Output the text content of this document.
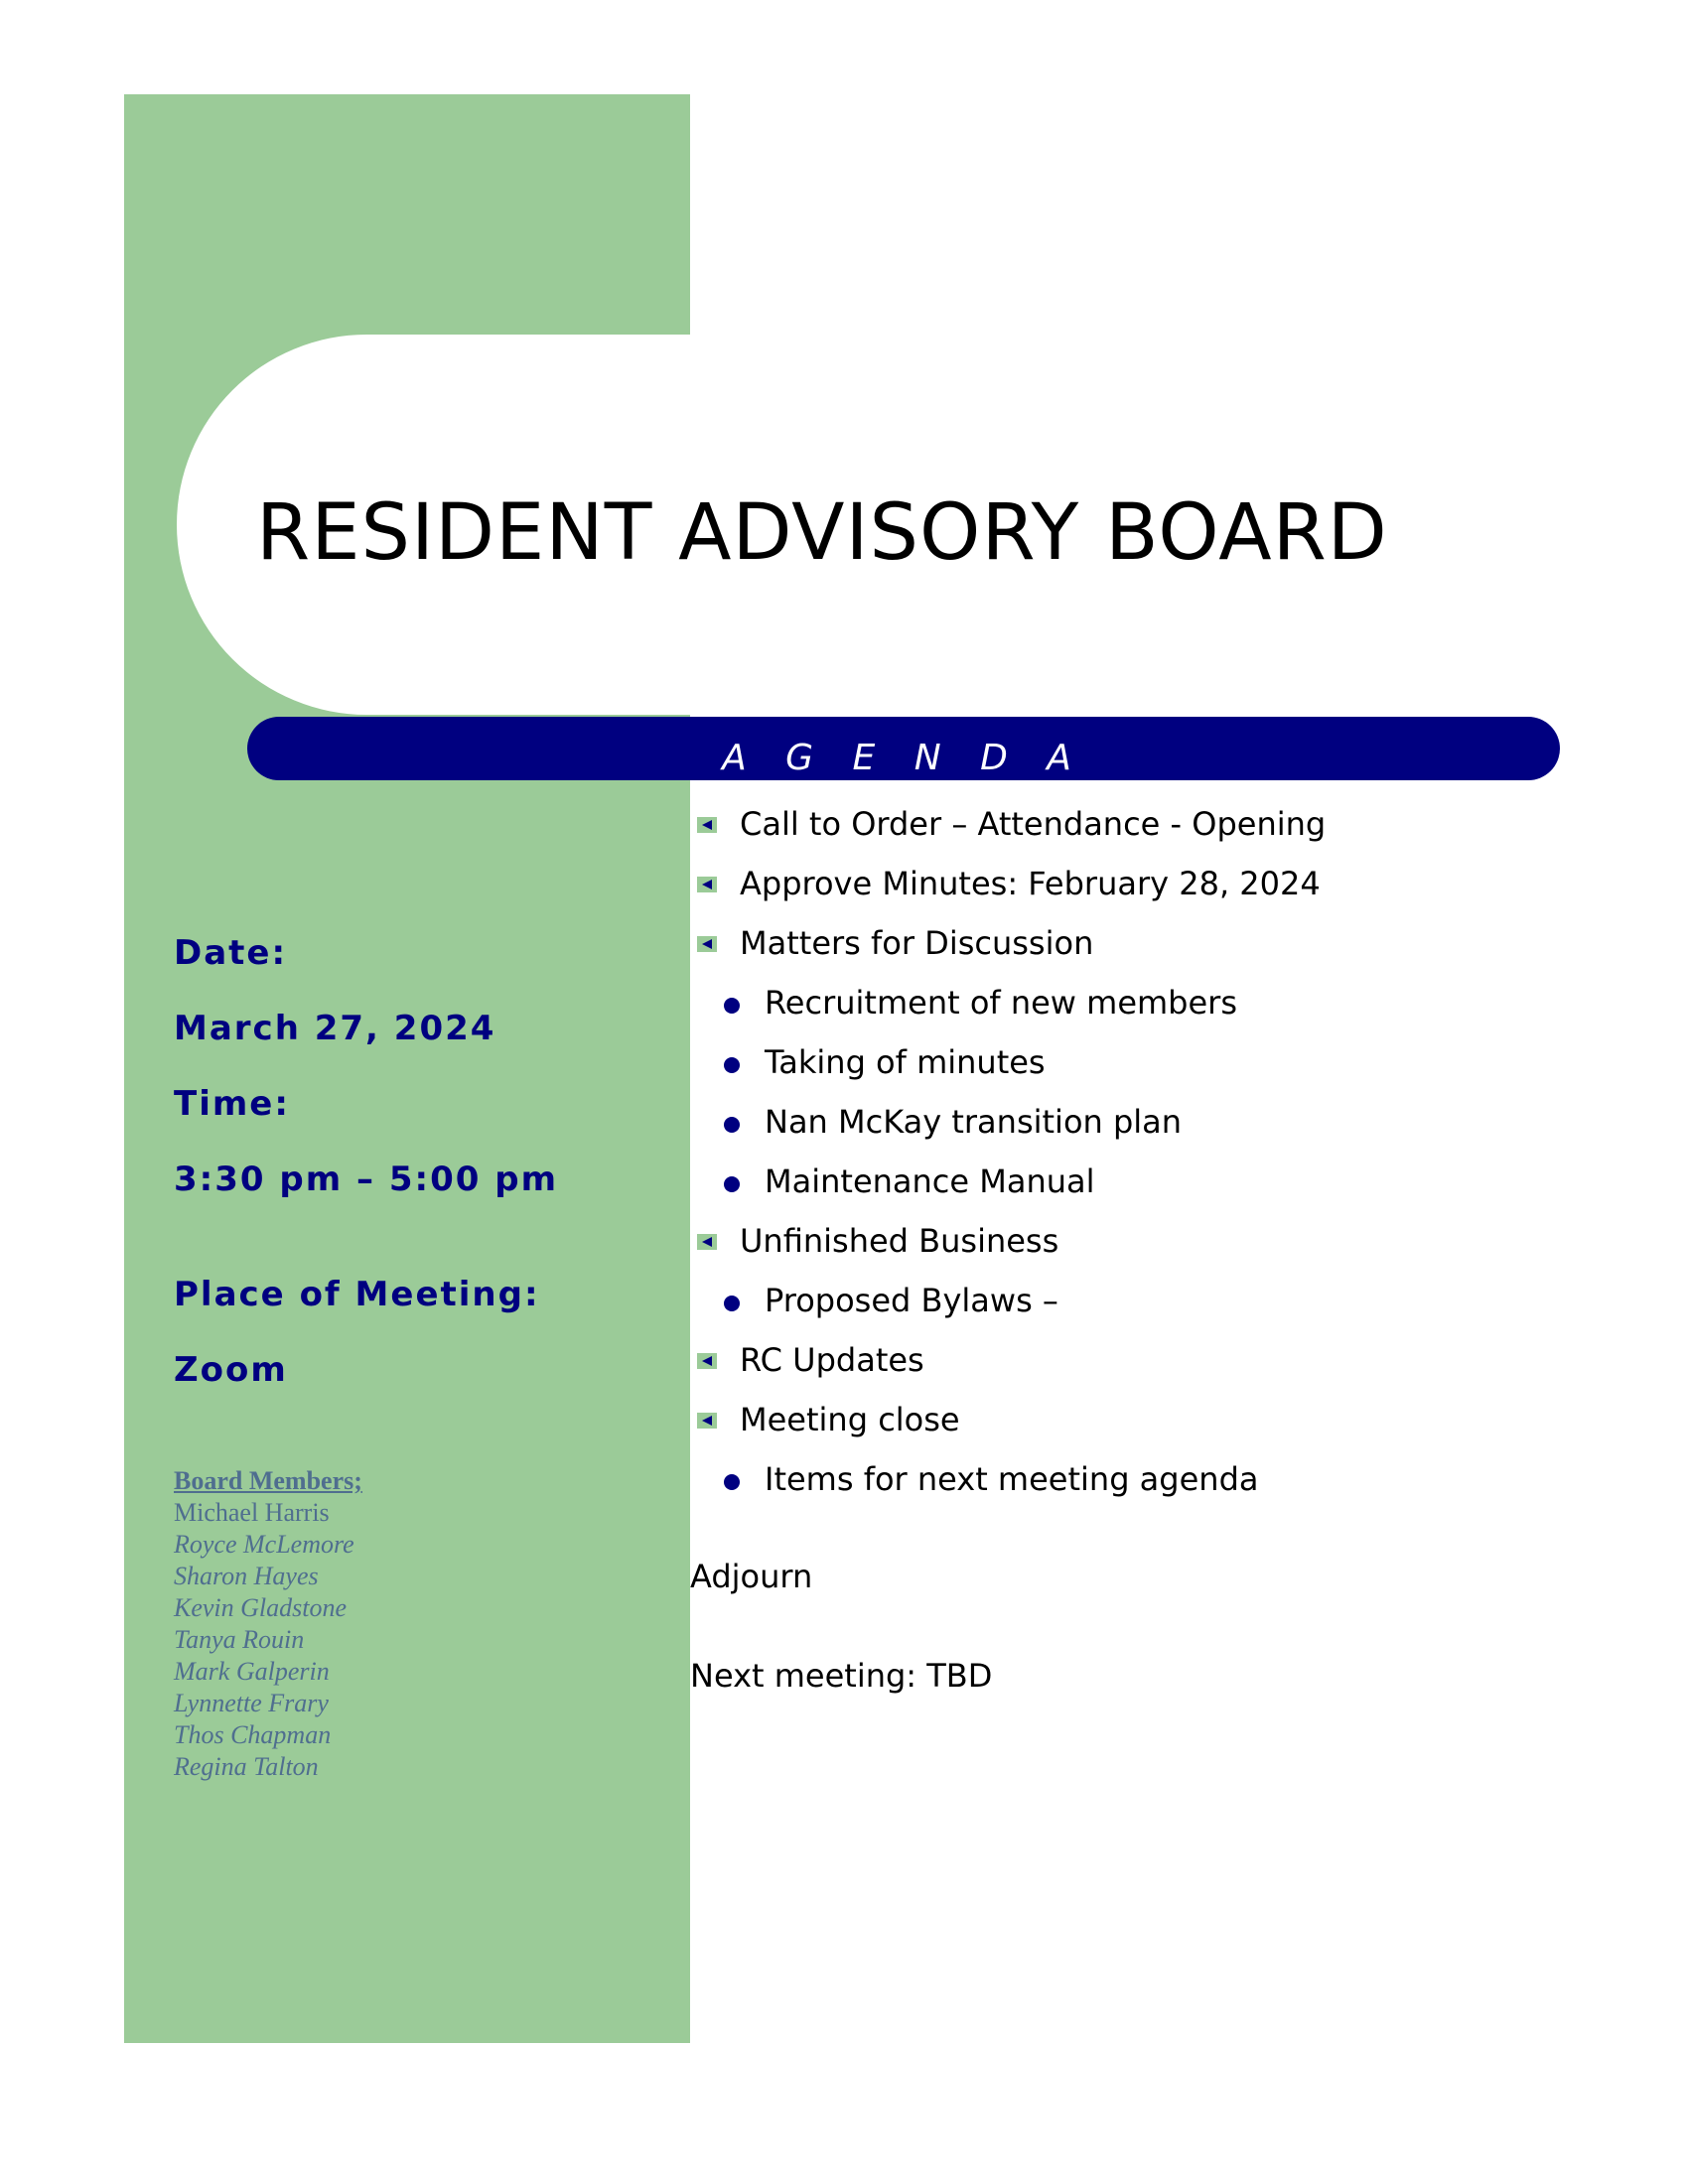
RESIDENT ADVISORY BOARD
A G E N D A

Date:

March 27, 2024

Time:

3:30 pm – 5:00 pm

Place of Meeting:

Zoom

Board Members;
Michael Harris
Royce McLemore
Sharon Hayes
Kevin Gladstone
Tanya Rouin
Mark Galperin
Lynnette Frary
Thos Chapman
Regina Talton
Call to Order – Attendance - Opening
Approve Minutes: February 28, 2024
Matters for Discussion
Recruitment of new members
Taking of minutes
Nan McKay transition plan
Maintenance Manual
Unfinished Business
Proposed Bylaws –
RC Updates
Meeting close
Items for next meeting agenda

Adjourn

Next meeting: TBD
